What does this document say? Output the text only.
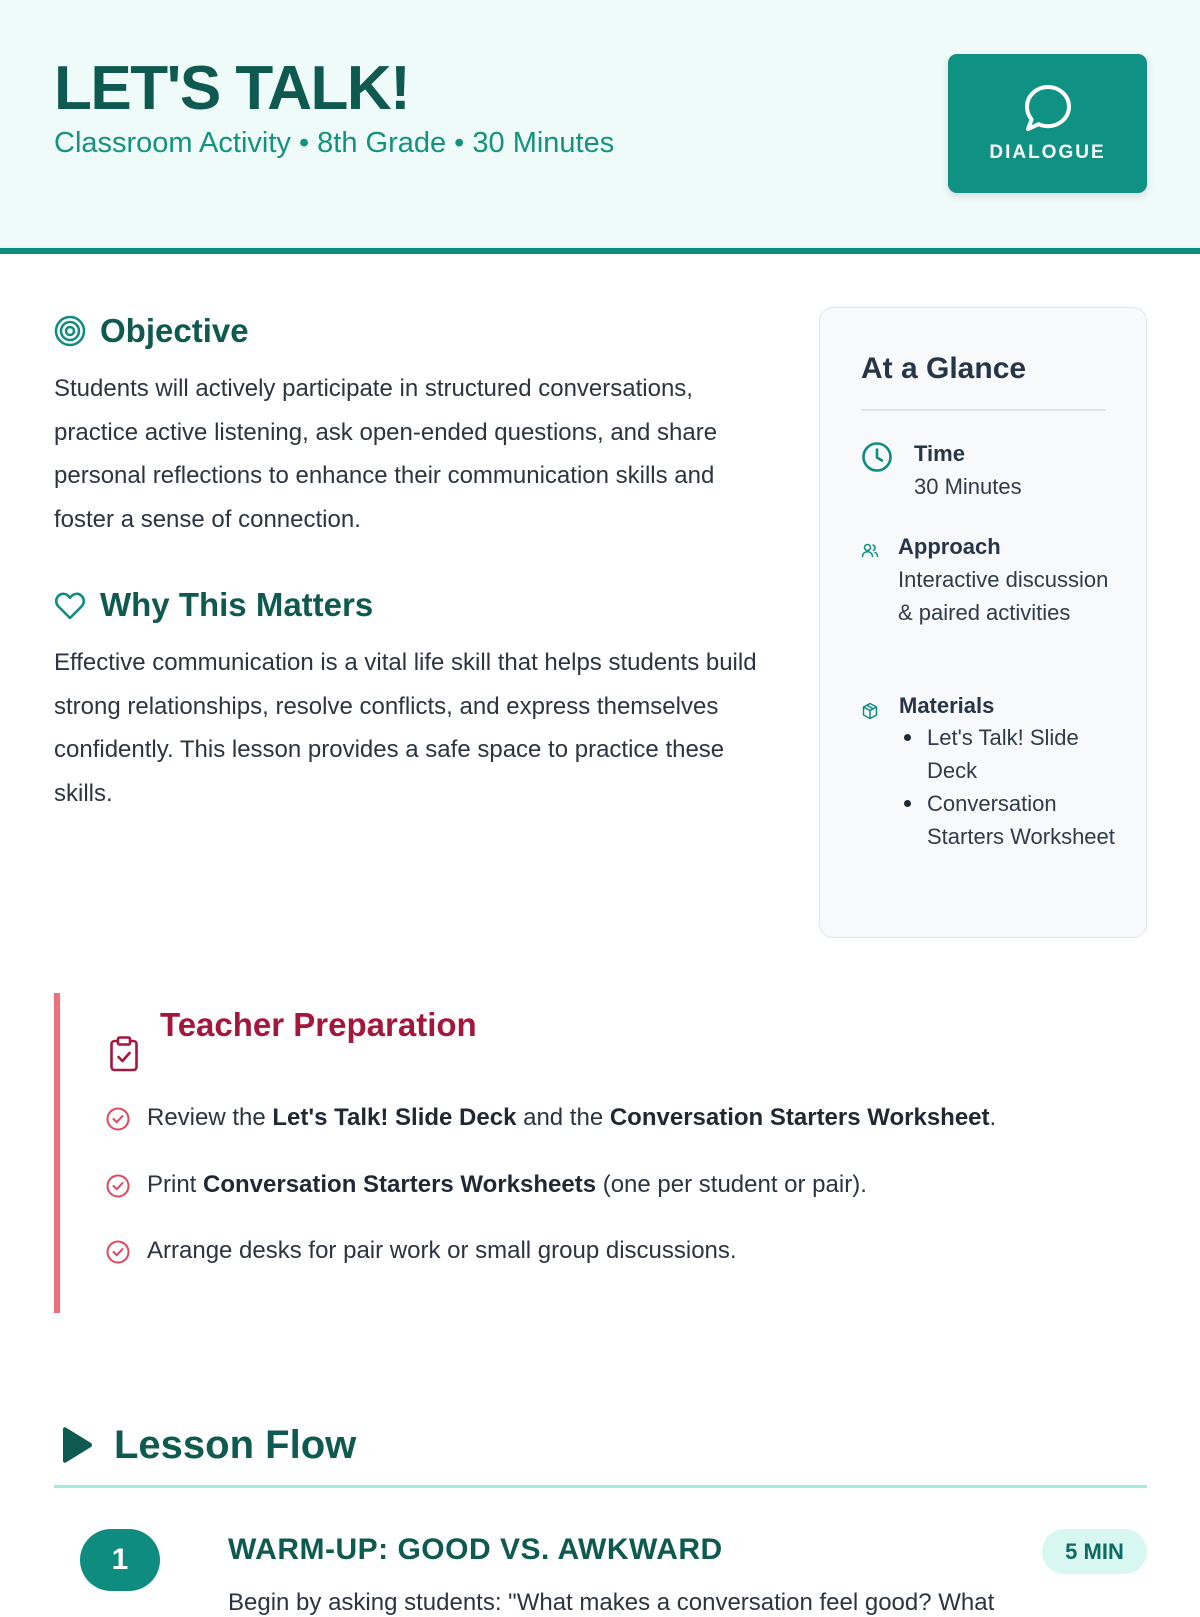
LET'S TALK!
Classroom Activity • 8th Grade • 30 Minutes	DIALOGUE
Objective
Students will actively participate in structured conversations, practice active listening, ask open-ended questions, and share personal reflections to enhance their communication skills and foster a sense of connection.
Why This Matters
Effective communication is a vital life skill that helps students build strong relationships, resolve conflicts, and express themselves confidently. This lesson provides a safe space to practice these skills.
At a Glance
Time
30 Minutes
Approach
Interactive discussion & paired activities
Materials
Let's Talk! Slide Deck
Conversation Starters Worksheet
Teacher Preparation
Review the Let's Talk! Slide Deck and the Conversation Starters Worksheet.
Print Conversation Starters Worksheets (one per student or pair).
Arrange desks for pair work or small group discussions.
Lesson Flow
1	WARM-UP: GOOD VS. AWKWARD	5 MIN
Begin by asking students: "What makes a conversation feel good? What
